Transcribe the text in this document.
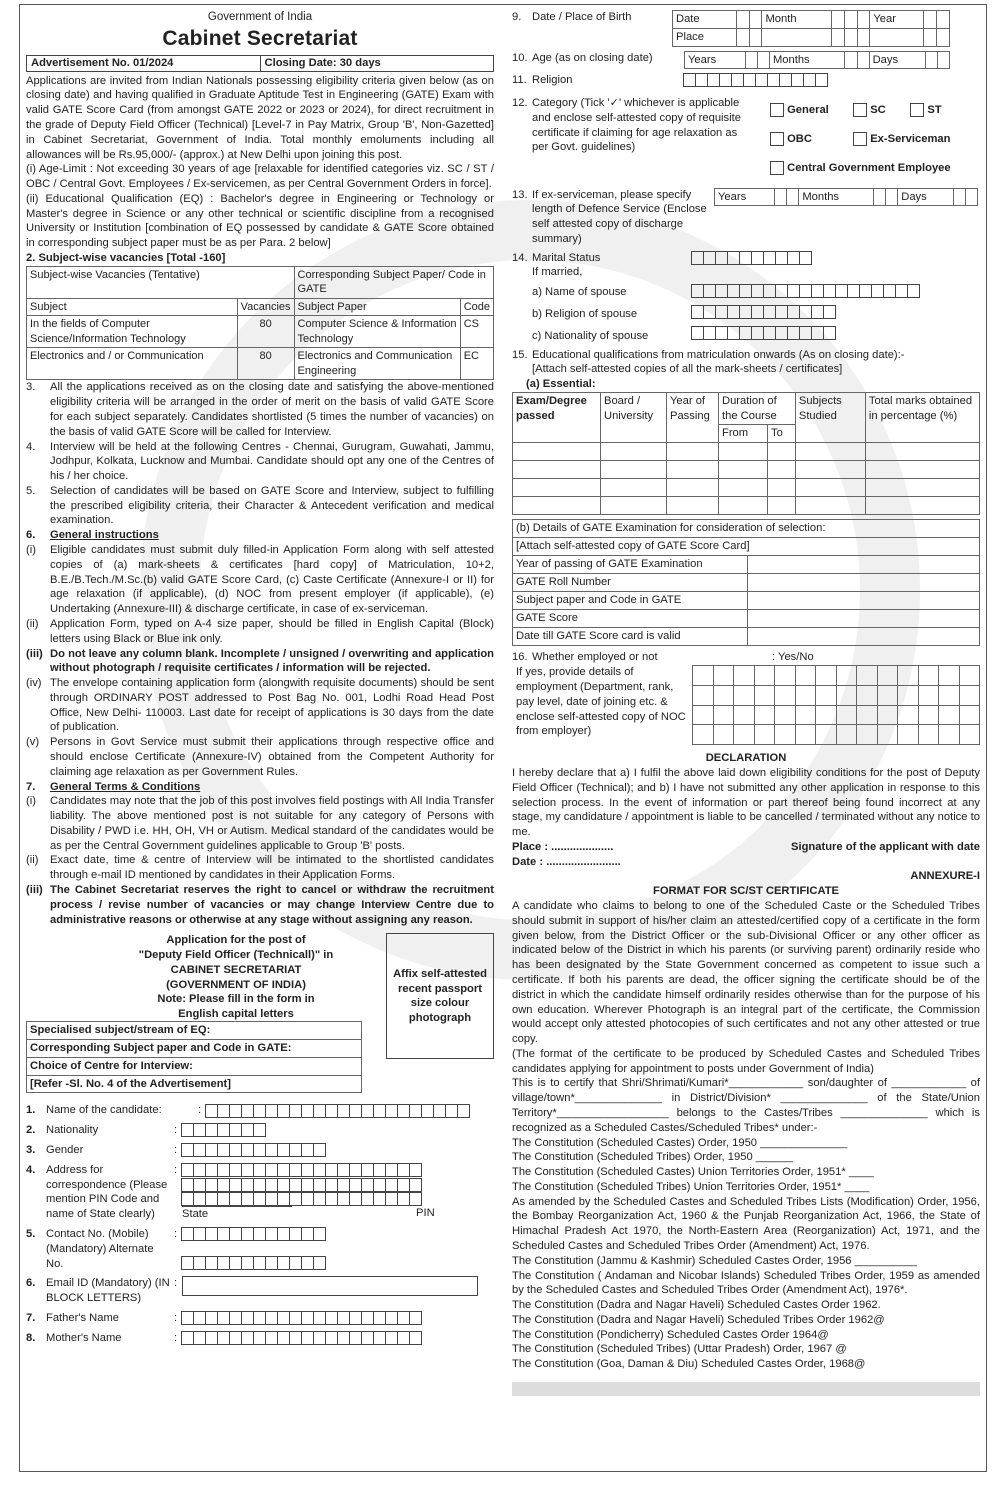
Government of India
Cabinet Secretariat
Advertisement No. 01/2024	Closing Date: 30 days

Applications are invited from Indian Nationals possessing eligibility criteria given below (as on closing date) and having qualified in Graduate Aptitude Test in Engineering (GATE) Exam with valid GATE Score Card (from amongst GATE 2022 or 2023 or 2024), for direct recruitment in the grade of Deputy Field Officer (Technical) [Level-7 in Pay Matrix, Group 'B', Non-Gazetted] in Cabinet Secretariat, Government of India. Total monthly emoluments including all allowances will be Rs.95,000/- (approx.) at New Delhi upon joining this post.

(i) Age-Limit : Not exceeding 30 years of age [relaxable for identified categories viz. SC / ST / OBC / Central Govt. Employees / Ex-servicemen, as per Central Government Orders in force].

(ii) Educational Qualification (EQ) : Bachelor's degree in Engineering or Technology or Master's degree in Science or any other technical or scientific discipline from a recognised University or Institution [combination of EQ possessed by candidate & GATE Score obtained in corresponding subject paper must be as per Para. 2 below]

2. Subject-wise vacancies [Total -160]

Subject-wise Vacancies (Tentative)		Corresponding Subject Paper/ Code in GATE	
Subject	Vacancies	Subject Paper	Code
In the fields of Computer Science/Information Technology	80	Computer Science & Information Technology	CS
Electronics and / or Communication	80	Electronics and Communication Engineering	EC
3.	All the applications received as on the closing date and satisfying the above-mentioned eligibility criteria will be arranged in the order of merit on the basis of valid GATE Score for each subject separately. Candidates shortlisted (5 times the number of vacancies) on the basis of valid GATE Score will be called for Interview.
4.	Interview will be held at the following Centres - Chennai, Gurugram, Guwahati, Jammu, Jodhpur, Kolkata, Lucknow and Mumbai. Candidate should opt any one of the Centres of his / her choice.
5.	Selection of candidates will be based on GATE Score and Interview, subject to fulfilling the prescribed eligibility criteria, their Character & Antecedent verification and medical examination.
6.	General instructions
(i)	Eligible candidates must submit duly filled-in Application Form along with self attested copies of (a) mark-sheets & certificates [hard copy] of Matriculation, 10+2, B.E./B.Tech./M.Sc.(b) valid GATE Score Card, (c) Caste Certificate (Annexure-I or II) for age relaxation (if applicable), (d) NOC from present employer (if applicable), (e) Undertaking (Annexure-III) & discharge certificate, in case of ex-serviceman.
(ii)	Application Form, typed on A-4 size paper, should be filled in English Capital (Block) letters using Black or Blue ink only.
(iii) Do not leave any column blank. Incomplete / unsigned / overwriting and application without photograph / requisite certificates / information will be rejected.
(iv) The envelope containing application form (alongwith requisite documents) should be sent through ORDINARY POST addressed to Post Bag No. 001, Lodhi Road Head Post Office, New Delhi- 110003. Last date for receipt of applications is 30 days from the date of publication.
(v) Persons in Govt Service must submit their applications through respective office and should enclose Certificate (Annexure-IV) obtained from the Competent Authority for claiming age relaxation as per Government Rules.
7.	General Terms & Conditions
(i)	Candidates may note that the job of this post involves field postings with All India Transfer liability. The above mentioned post is not suitable for any category of Persons with Disability / PWD i.e. HH, OH, VH or Autism. Medical standard of the candidates would be as per the Central Government guidelines applicable to Group 'B' posts.
(ii)	Exact date, time & centre of Interview will be intimated to the shortlisted candidates through e-mail ID mentioned by candidates in their Application Forms.
(iii) The Cabinet Secretariat reserves the right to cancel or withdraw the recruitment process / revise number of vacancies or may change Interview Centre due to administrative reasons or otherwise at any stage without assigning any reason.
Application for the post of
"Deputy Field Officer (Technicall)" in
CABINET SECRETARIAT
(GOVERNMENT OF INDIA)
Note: Please fill in the form in
English capital letters
Affix self-attested recent passport size colour photograph
Specialised subject/stream of EQ:
Corresponding Subject paper and Code in GATE:
Choice of Centre for Interview:
[Refer -Sl. No. 4 of the Advertisement]
1. Name of the candidate:	:
2. Nationality	:
3. Gender	:
4. Address for correspondence (Please mention PIN Code and name of State clearly)
:
State	PIN
5. Contact No. (Mobile) (Mandatory) Alternate No.
:
6. Email ID (Mandatory) (IN BLOCK LETTERS)
:
7. Father's Name	:
8. Mother's Name	:
9. Date / Place of Birth	Date			Month				Year		
Place									
10. Age (as on closing date)	Years			Months			Days		
11. Religion
12. Category (Tick '✓' whichever is applicable and enclose self-attested copy of requisite certificate if claiming for age relaxation as per Govt. guidelines)
General	SC	ST
OBC	Ex-Serviceman
Central Government Employee
13. If ex-serviceman, please specify length of Defence Service (Enclose self attested copy of discharge summary)
Years			Months			Days		
14. Marital Status
If married,
a) Name of spouse
b) Religion of spouse
c) Nationality of spouse
15. Educational qualifications from matriculation onwards (As on closing date):-
[Attach self-attested copies of all the mark-sheets / certificates]
(a) Essential:
Exam/Degree passed	Board / University	Year of Passing	Duration of the Course		Subjects Studied	Total marks obtained in percentage (%)
			From	To		

(b) Details of GATE Examination for consideration of selection:	
[Attach self-attested copy of GATE Score Card]	
Year of passing of GATE Examination	
GATE Roll Number	
Subject paper and Code in GATE	
GATE Score	
Date till GATE Score card is valid	
16. Whether employed or not
If yes, provide details of employment (Department, rank, pay level, date of joining etc. & enclose self-attested copy of NOC from employer)
: Yes/No

DECLARATION

I hereby declare that a) I fulfil the above laid down eligibility conditions for the post of Deputy Field Officer (Technical); and b) I have not submitted any other application in response to this selection process. In the event of information or part thereof being found incorrect at any stage, my candidature / appointment is liable to be cancelled / terminated without any notice to me.

Place : ....................	Signature of the applicant with date
Date : ........................
ANNEXURE-I
FORMAT FOR SC/ST CERTIFICATE

A candidate who claims to belong to one of the Scheduled Caste or the Scheduled Tribes should submit in support of his/her claim an attested/certified copy of a certificate in the form given below, from the District Officer or the sub-Divisional Officer or any other officer as indicated below of the District in which his parents (or surviving parent) ordinarily reside who has been designated by the State Government concerned as competent to issue such a certificate. If both his parents are dead, the officer signing the certificate should be of the district in which the candidate himself ordinarily resides otherwise than for the purpose of his own education. Wherever Photograph is an integral part of the certificate, the Commission would accept only attested photocopies of such certificates and not any other attested or true copy.

(The format of the certificate to be produced by Scheduled Castes and Scheduled Tribes candidates applying for appointment to posts under Government of India)

This is to certify that Shri/Shrimati/Kumari*____________ son/daughter of ____________ of village/town*______________ in District/Division* ______________ of the State/Union Territory*__________________ belongs to the Castes/Tribes ______________ which is recognized as a Scheduled Castes/Scheduled Tribes* under:-

The Constitution (Scheduled Castes) Order, 1950 ______________
The Constitution (Scheduled Tribes) Order, 1950 ______
The Constitution (Scheduled Castes) Union Territories Order, 1951* ____
The Constitution (Scheduled Tribes) Union Territories Order, 1951* ____
As amended by the Scheduled Castes and Scheduled Tribes Lists (Modification) Order, 1956, the Bombay Reorganization Act, 1960 & the Punjab Reorganization Act, 1966, the State of Himachal Pradesh Act 1970, the North-Eastern Area (Reorganization) Act, 1971, and the Scheduled Castes and Scheduled Tribes Order (Amendment) Act, 1976.
The Constitution (Jammu & Kashmir) Scheduled Castes Order, 1956 __________
The Constitution ( Andaman and Nicobar Islands) Scheduled Tribes Order, 1959 as amended by the Scheduled Castes and Scheduled Tribes Order (Amendment Act), 1976*.
The Constitution (Dadra and Nagar Haveli) Scheduled Castes Order 1962.
The Constitution (Dadra and Nagar Haveli) Scheduled Tribes Order 1962@
The Constitution (Pondicherry) Scheduled Castes Order 1964@
The Constitution (Scheduled Tribes) (Uttar Pradesh) Order, 1967 @
The Constitution (Goa, Daman & Diu) Scheduled Castes Order, 1968@
